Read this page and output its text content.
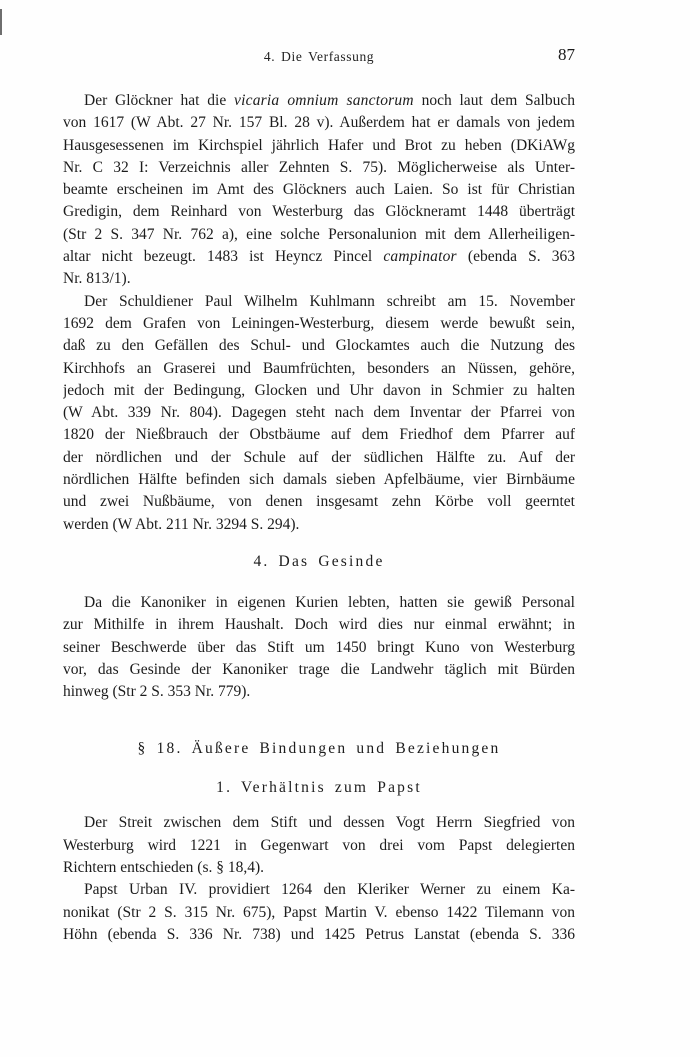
4. Die Verfassung	87
Der Glöckner hat die vicaria omnium sanctorum noch laut dem Salbuch
von 1617 (W Abt. 27 Nr. 157 Bl. 28 v). Außerdem hat er damals von jedem
Hausgesessenen im Kirchspiel jährlich Hafer und Brot zu heben (DKiAWg
Nr. C 32 I: Verzeichnis aller Zehnten S. 75). Möglicherweise als Unter-
beamte erscheinen im Amt des Glöckners auch Laien. So ist für Christian
Gredigin, dem Reinhard von Westerburg das Glöckneramt 1448 überträgt
(Str 2 S. 347 Nr. 762 a), eine solche Personalunion mit dem Allerheiligen-
altar nicht bezeugt. 1483 ist Heyncz Pincel campinator (ebenda S. 363
Nr. 813/1).
Der Schuldiener Paul Wilhelm Kuhlmann schreibt am 15. November
1692 dem Grafen von Leiningen-Westerburg, diesem werde bewußt sein,
daß zu den Gefällen des Schul- und Glockamtes auch die Nutzung des
Kirchhofs an Graserei und Baumfrüchten, besonders an Nüssen, gehöre,
jedoch mit der Bedingung, Glocken und Uhr davon in Schmier zu halten
(W Abt. 339 Nr. 804). Dagegen steht nach dem Inventar der Pfarrei von
1820 der Nießbrauch der Obstbäume auf dem Friedhof dem Pfarrer auf
der nördlichen und der Schule auf der südlichen Hälfte zu. Auf der
nördlichen Hälfte befinden sich damals sieben Apfelbäume, vier Birnbäume
und zwei Nußbäume, von denen insgesamt zehn Körbe voll geerntet
werden (W Abt. 211 Nr. 3294 S. 294).
4. Das Gesinde
Da die Kanoniker in eigenen Kurien lebten, hatten sie gewiß Personal
zur Mithilfe in ihrem Haushalt. Doch wird dies nur einmal erwähnt; in
seiner Beschwerde über das Stift um 1450 bringt Kuno von Westerburg
vor, das Gesinde der Kanoniker trage die Landwehr täglich mit Bürden
hinweg (Str 2 S. 353 Nr. 779).
§ 18. Äußere Bindungen und Beziehungen
1. Verhältnis zum Papst
Der Streit zwischen dem Stift und dessen Vogt Herrn Siegfried von
Westerburg wird 1221 in Gegenwart von drei vom Papst delegierten
Richtern entschieden (s. § 18,4).
Papst Urban IV. providiert 1264 den Kleriker Werner zu einem Ka-
nonikat (Str 2 S. 315 Nr. 675), Papst Martin V. ebenso 1422 Tilemann von
Höhn (ebenda S. 336 Nr. 738) und 1425 Petrus Lanstat (ebenda S. 336
